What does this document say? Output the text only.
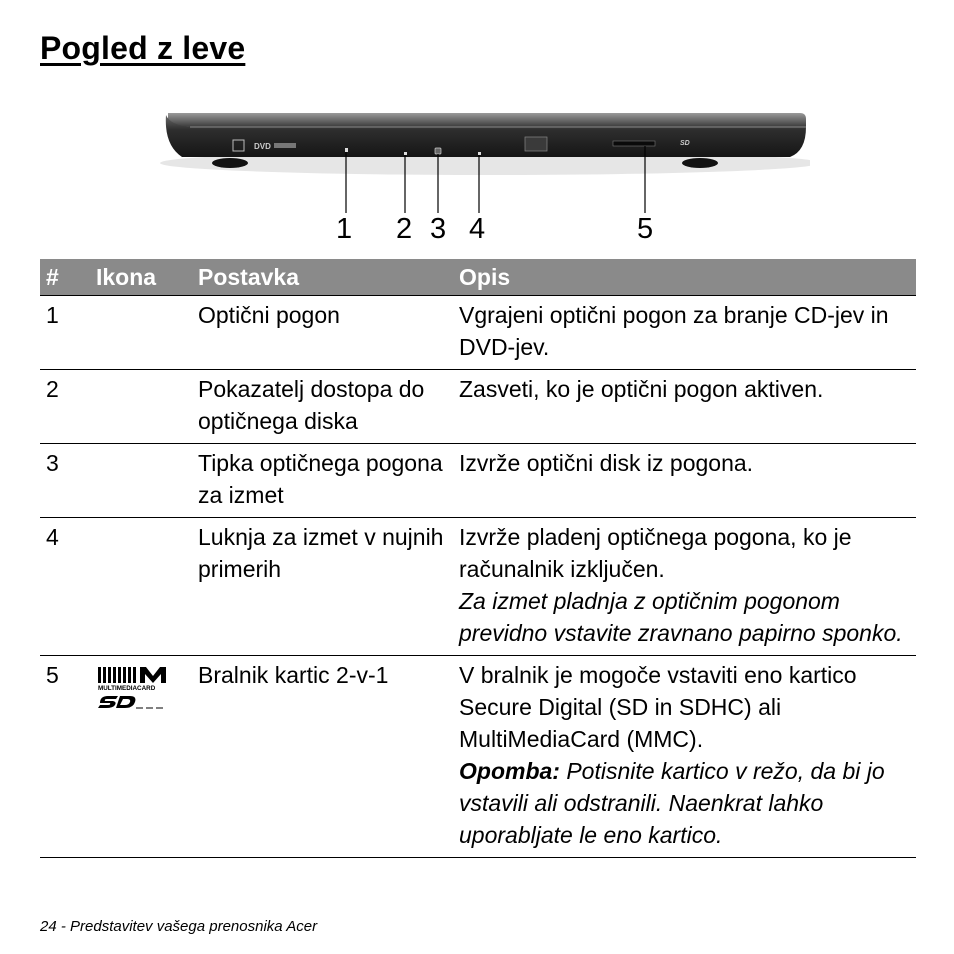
Pogled z leve
DVD	SD
1 2 3 4	5
#	Ikona	Postavka	Opis
1		Optični pogon	Vgrajeni optični pogon za branje CD-jev in DVD-jev.
2		Pokazatelj dostopa do optičnega diska	Zasveti, ko je optični pogon aktiven.
3		Tipka optičnega pogona za izmet	Izvrže optični disk iz pogona.
4		Luknja za izmet v nujnih primerih	Izvrže pladenj optičnega pogona, ko je računalnik izključen.
Za izmet pladnja z optičnim pogonom previdno vstavite zravnano papirno sponko.

5	MULTIMEDIACARD	Bralnik kartic 2-v-1	V bralnik je mogoče vstaviti eno kartico Secure Digital (SD in SDHC) ali MultiMediaCard (MMC).
Opomba: Potisnite kartico v režo, da bi jo vstavili ali odstranili. Naenkrat lahko uporabljate le eno kartico.
24 - Predstavitev vašega prenosnika Acer
